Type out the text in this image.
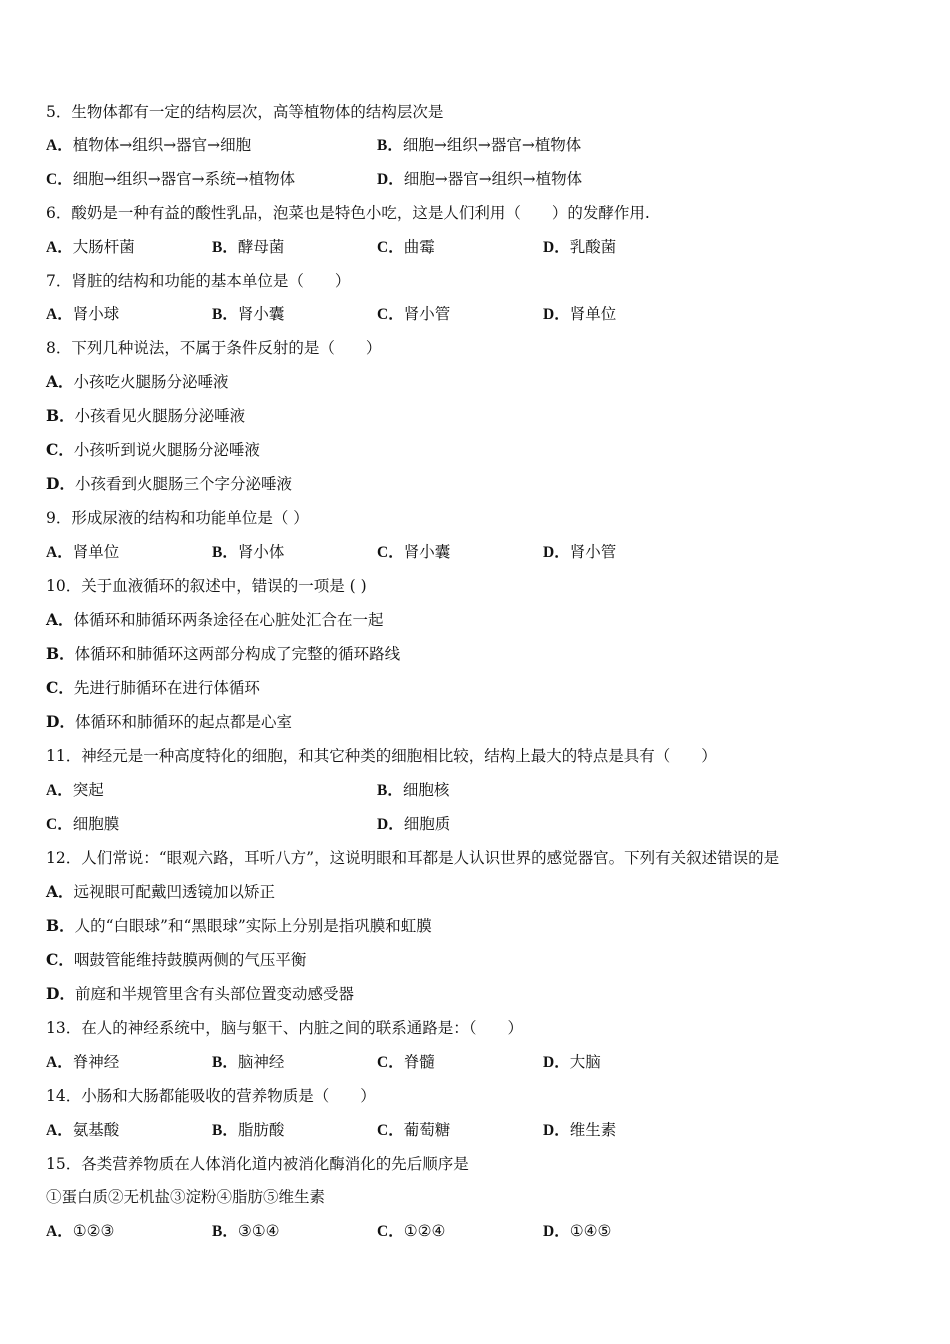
5．生物体都有一定的结构层次，高等植物体的结构层次是
A．植物体→组织→器官→细胞	B．细胞→组织→器官→植物体
C．细胞→组织→器官→系统→植物体	D．细胞→器官→组织→植物体
6．酸奶是一种有益的酸性乳品，泡菜也是特色小吃，这是人们利用（　　）的发酵作用.
A．大肠杆菌	B．酵母菌	C．曲霉	D．乳酸菌
7．肾脏的结构和功能的基本单位是（　　）
A．肾小球	B．肾小囊	C．肾小管	D．肾单位
8．下列几种说法，不属于条件反射的是（　　）
A．小孩吃火腿肠分泌唾液
B．小孩看见火腿肠分泌唾液
C．小孩听到说火腿肠分泌唾液
D．小孩看到火腿肠三个字分泌唾液
9．形成尿液的结构和功能单位是（ ）
A．肾单位	B．肾小体	C．肾小囊	D．肾小管
10．关于血液循环的叙述中，错误的一项是 ( )
A．体循环和肺循环两条途径在心脏处汇合在一起
B．体循环和肺循环这两部分构成了完整的循环路线
C．先进行肺循环在进行体循环
D．体循环和肺循环的起点都是心室
11．神经元是一种高度特化的细胞，和其它种类的细胞相比较，结构上最大的特点是具有（　　）
A．突起	B．细胞核
C．细胞膜	D．细胞质
12．人们常说：“眼观六路，耳听八方”，这说明眼和耳都是人认识世界的感觉器官。下列有关叙述错误的是
A．远视眼可配戴凹透镜加以矫正
B．人的“白眼球”和“黑眼球”实际上分别是指巩膜和虹膜
C．咽鼓管能维持鼓膜两侧的气压平衡
D．前庭和半规管里含有头部位置变动感受器
13．在人的神经系统中，脑与躯干、内脏之间的联系通路是：（　　）
A．脊神经	B．脑神经	C．脊髓	D．大脑
14．小肠和大肠都能吸收的营养物质是（　　）
A．氨基酸	B．脂肪酸	C．葡萄糖	D．维生素
15．各类营养物质在人体消化道内被消化酶消化的先后顺序是
①蛋白质②无机盐③淀粉④脂肪⑤维生素
A．①②③	B．③①④	C．①②④	D．①④⑤
